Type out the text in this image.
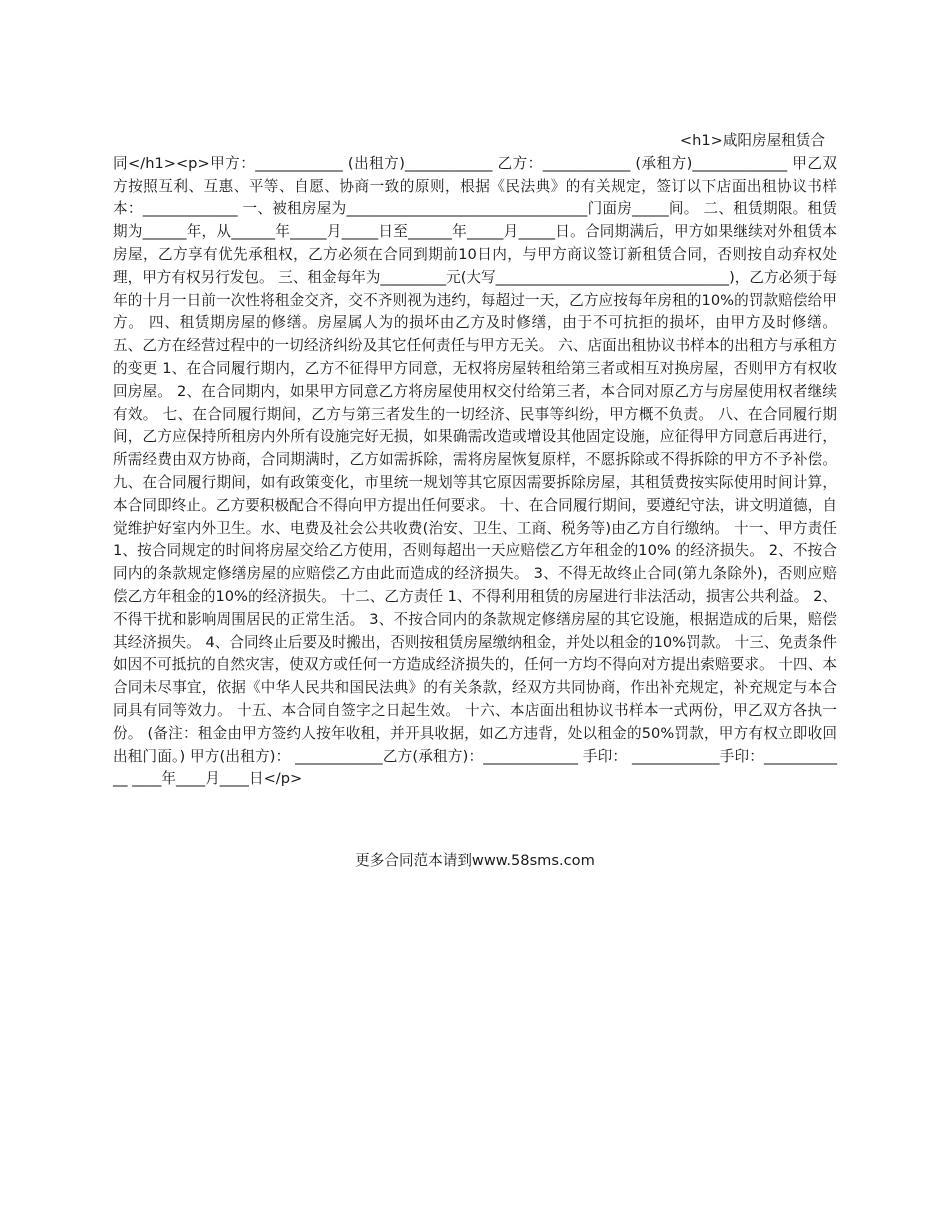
<h1>咸阳房屋租赁合
同</h1><p>甲方：____________ (出租方)____________ 乙方：____________ (承租方)_____________ 甲乙双方按照互利、互惠、平等、自愿、协商一致的原则，根据《民法典》的有关规定，签订以下店面出租协议书样本：_____________ 一、被租房屋为_________________________________门面房_____间。 二、租赁期限。租赁期为______年，从______年_____月_____日至______年_____月_____日。合同期满后，甲方如果继续对外租赁本房屋，乙方享有优先承租权，乙方必须在合同到期前10日内，与甲方商议签订新租赁合同，否则按自动弃权处理，甲方有权另行发包。 三、租金每年为_________元(大写________________________________)，乙方必须于每年的十月一日前一次性将租金交齐，交不齐则视为违约，每超过一天，乙方应按每年房租的10%的罚款赔偿给甲方。 四、租赁期房屋的修缮。房屋属人为的损坏由乙方及时修缮，由于不可抗拒的损坏，由甲方及时修缮。 五、乙方在经营过程中的一切经济纠纷及其它任何责任与甲方无关。 六、店面出租协议书样本的出租方与承租方的变更 1、在合同履行期内，乙方不征得甲方同意，无权将房屋转租给第三者或相互对换房屋，否则甲方有权收回房屋。 2、在合同期内，如果甲方同意乙方将房屋使用权交付给第三者，本合同对原乙方与房屋使用权者继续有效。 七、在合同履行期间，乙方与第三者发生的一切经济、民事等纠纷，甲方概不负责。 八、在合同履行期间，乙方应保持所租房内外所有设施完好无损，如果确需改造或增设其他固定设施，应征得甲方同意后再进行，所需经费由双方协商，合同期满时，乙方如需拆除，需将房屋恢复原样，不愿拆除或不得拆除的甲方不予补偿。 九、在合同履行期间，如有政策变化，市里统一规划等其它原因需要拆除房屋，其租赁费按实际使用时间计算，本合同即终止。乙方要积极配合不得向甲方提出任何要求。 十、在合同履行期间，要遵纪守法，讲文明道德，自觉维护好室内外卫生。水、电费及社会公共收费(治安、卫生、工商、税务等)由乙方自行缴纳。 十一、甲方责任 1、按合同规定的时间将房屋交给乙方使用，否则每超出一天应赔偿乙方年租金的10% 的经济损失。 2、不按合同内的条款规定修缮房屋的应赔偿乙方由此而造成的经济损失。 3、不得无故终止合同(第九条除外)，否则应赔偿乙方年租金的10%的经济损失。 十二、乙方责任 1、不得利用租赁的房屋进行非法活动，损害公共利益。 2、不得干扰和影响周围居民的正常生活。 3、不按合同内的条款规定修缮房屋的其它设施，根据造成的后果，赔偿其经济损失。 4、合同终止后要及时搬出，否则按租赁房屋缴纳租金，并处以租金的10%罚款。 十三、免责条件 如因不可抵抗的自然灾害，使双方或任何一方造成经济损失的，任何一方均不得向对方提出索赔要求。 十四、本合同未尽事宜，依据《中华人民共和国民法典》的有关条款，经双方共同协商，作出补充规定，补充规定与本合同具有同等效力。 十五、本合同自签字之日起生效。 十六、本店面出租协议书样本一式两份，甲乙双方各执一份。 (备注：租金由甲方签约人按年收租，并开具收据，如乙方违背，处以租金的50%罚款，甲方有权立即收回出租门面。) 甲方(出租方)： ____________乙方(承租方)：_____________ 手印： ____________手印：____________ ____年____月____日</p>

更多合同范本请到www.58sms.com
